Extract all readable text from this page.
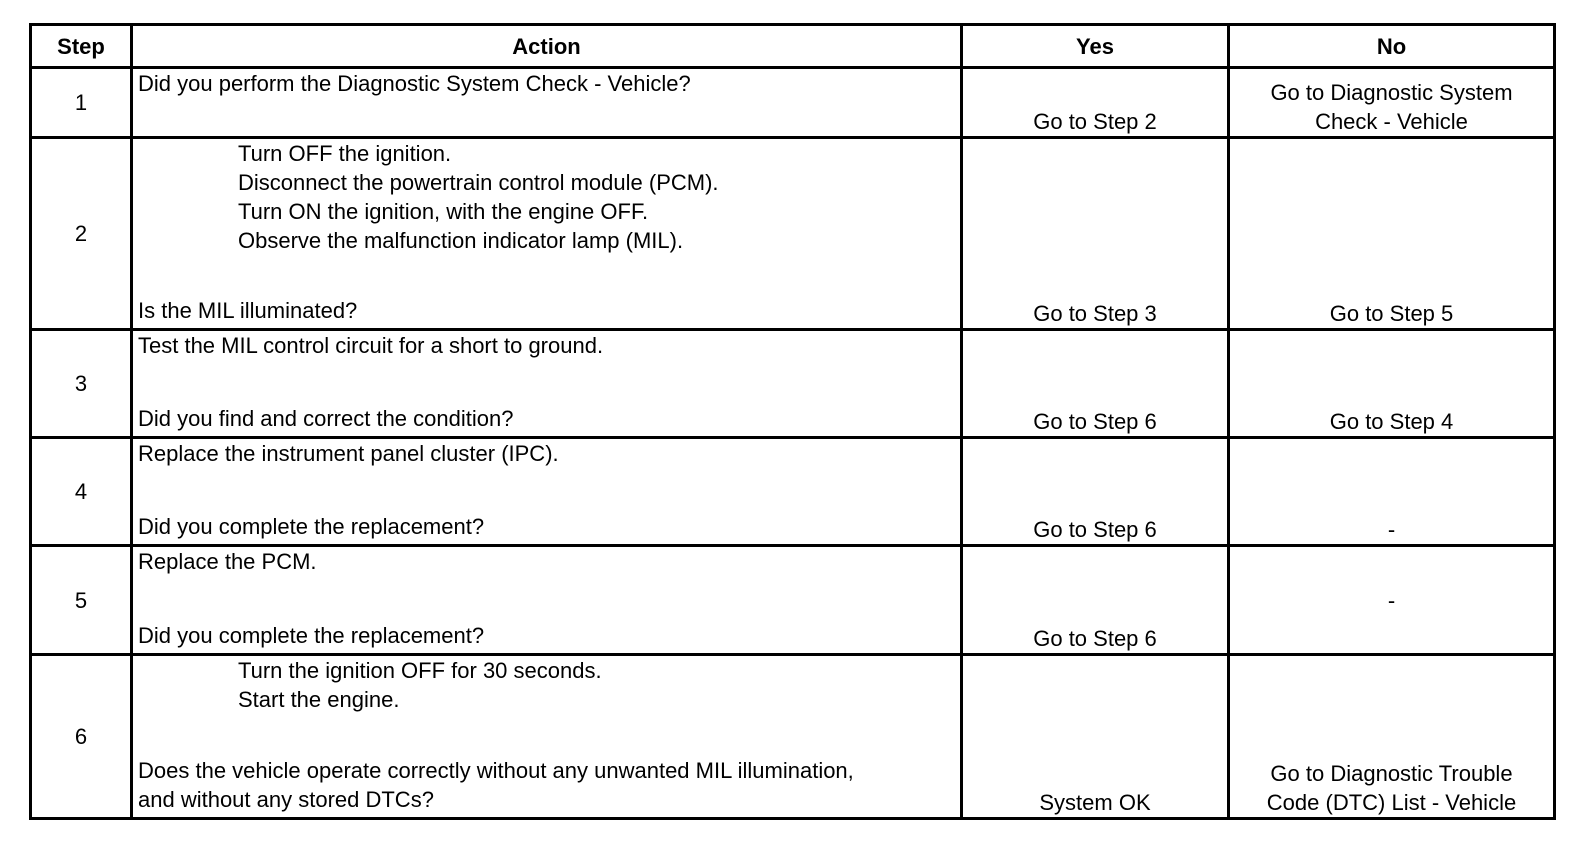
Step	Action	Yes	No
1	Did you perform the Diagnostic System Check - Vehicle?	Go to Step 2	Go to Diagnostic System
Check - Vehicle

2	Turn OFF the ignition.
Disconnect the powertrain control module (PCM).
Turn ON the ignition, with the engine OFF.
Observe the malfunction indicator lamp (MIL).
Is the MIL illuminated?	Go to Step 3	Go to Step 5

3	Test the MIL control circuit for a short to ground.
Did you find and correct the condition?	Go to Step 6	Go to Step 4

4	Replace the instrument panel cluster (IPC).
Did you complete the replacement?	Go to Step 6	-

5	Replace the PCM.
Did you complete the replacement?	Go to Step 6	-

6	Turn the ignition OFF for 30 seconds.
Start the engine.
Does the vehicle operate correctly without any unwanted MIL illumination,
and without any stored DTCs?	System OK	Go to Diagnostic Trouble
Code (DTC) List - Vehicle
